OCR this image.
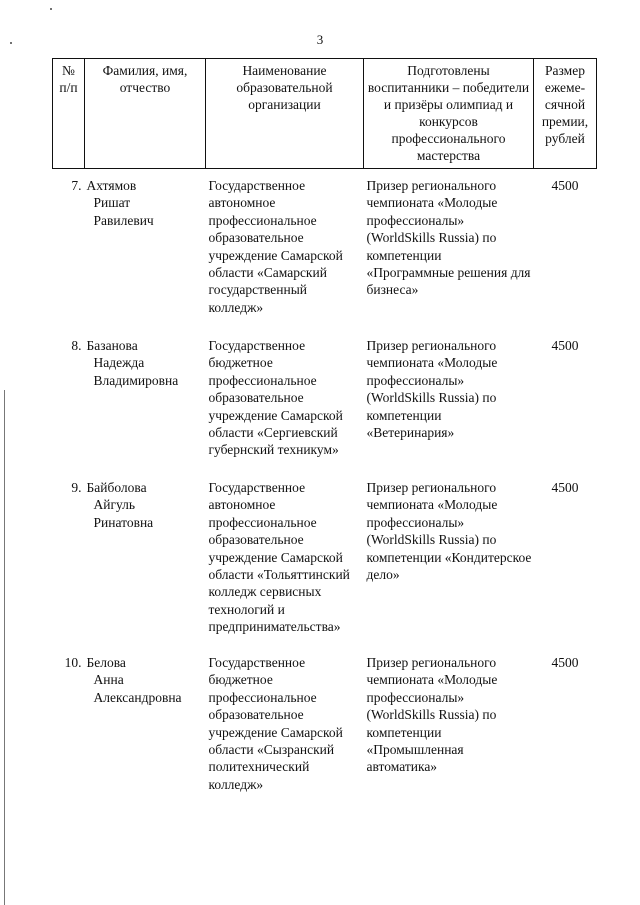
3
№ п/п	Фамилия, имя, отчество	Наименование образовательной организации	Подготовлены воспитанники – победители и призёры олимпиад и конкурсов профессионального мастерства	Размер ежеме-сячной премии, рублей
7.	Ахтямов
Ришат
Равилевич	Государственное автономное профессиональное образовательное учреждение Самарской области «Самарский государственный колледж»	Призер регионального чемпионата «Молодые профессионалы» (WorldSkills Russia) по компетенции «Программные решения для бизнеса»	4500
8.	Базанова
Надежда
Владимировна	Государственное бюджетное профессиональное образовательное учреждение Самарской области «Сергиевский губернский техникум»	Призер регионального чемпионата «Молодые профессионалы» (WorldSkills Russia) по компетенции «Ветеринария»	4500
9.	Байболова
Айгуль
Ринатовна	Государственное автономное профессиональное образовательное учреждение Самарской области «Тольяттинский колледж сервисных технологий и предпринимательства»	Призер регионального чемпионата «Молодые профессионалы» (WorldSkills Russia) по компетенции «Кондитерское дело»	4500
10.	Белова
Анна
Александровна	Государственное бюджетное профессиональное образовательное учреждение Самарской области «Сызранский политехнический колледж»	Призер регионального чемпионата «Молодые профессионалы» (WorldSkills Russia) по компетенции «Промышленная автоматика»	4500
